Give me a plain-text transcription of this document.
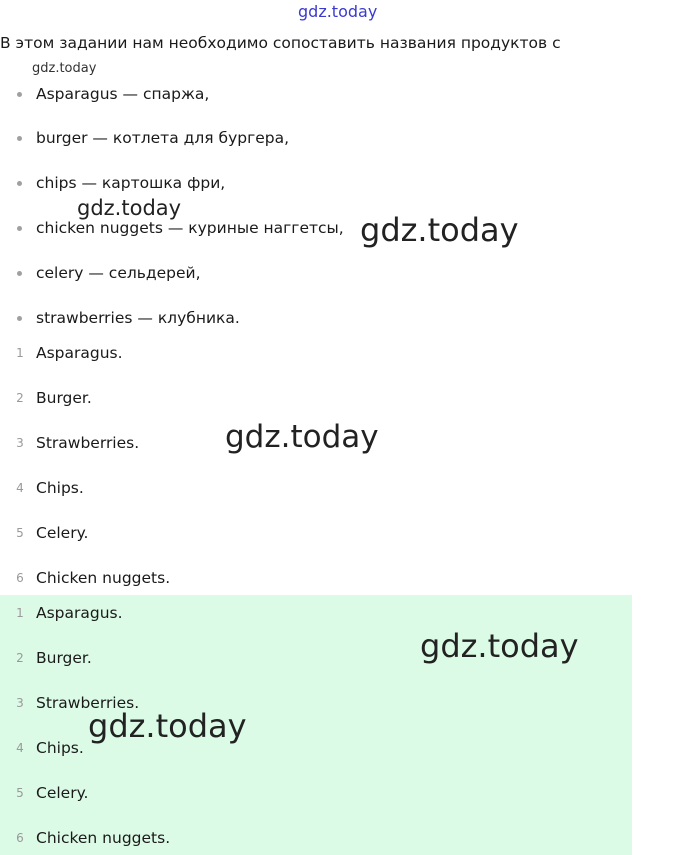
gdz.today
gdz.today
gdz.today
gdz.today
gdz.today
gdz.today
gdz.today
В этом задании нам необходимо сопоставить названия продуктов с
Asparagus — спаржа,
burger — котлета для бургера,
chips — картошка фри,
chicken nuggets — куриные наггетсы,
celery — сельдерей,
strawberries — клубника.
1 Asparagus.
2 Burger.
3 Strawberries.
4 Chips.
5 Celery.
6 Chicken nuggets.
1 Asparagus.
2 Burger.
3 Strawberries.
4 Chips.
5 Celery.
6 Chicken nuggets.
